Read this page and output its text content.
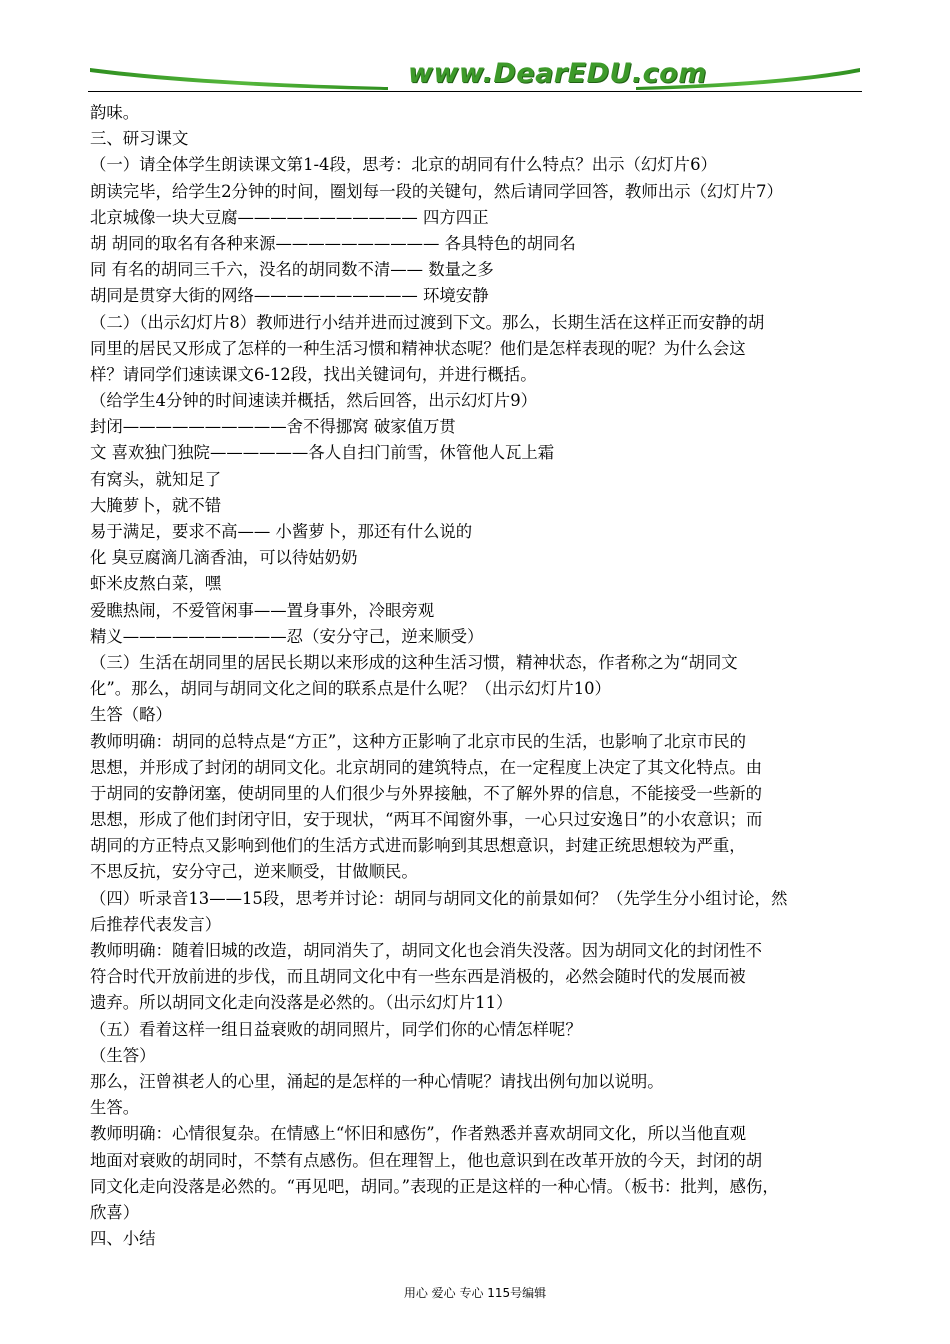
www.DearEDU.com
韵味。
三、研习课文
（一）请全体学生朗读课文第1-4段，思考：北京的胡同有什么特点？出示（幻灯片6）
朗读完毕，给学生2分钟的时间，圈划每一段的关键句，然后请同学回答，教师出示（幻灯片7）
北京城像一块大豆腐——————————— 四方四正
胡 胡同的取名有各种来源—————————— 各具特色的胡同名
同 有名的胡同三千六，没名的胡同数不清—— 数量之多
胡同是贯穿大街的网络—————————— 环境安静
（二）（出示幻灯片8）教师进行小结并进而过渡到下文。那么，长期生活在这样正而安静的胡
同里的居民又形成了怎样的一种生活习惯和精神状态呢？他们是怎样表现的呢？为什么会这
样？请同学们速读课文6-12段，找出关键词句，并进行概括。
（给学生4分钟的时间速读并概括，然后回答，出示幻灯片9）
封闭——————————舍不得挪窝 破家值万贯
文 喜欢独门独院——————各人自扫门前雪，休管他人瓦上霜
有窝头，就知足了
大腌萝卜，就不错
易于满足，要求不高—— 小酱萝卜，那还有什么说的
化 臭豆腐滴几滴香油，可以待姑奶奶
虾米皮熬白菜，嘿
爱瞧热闹，不爱管闲事——置身事外，冷眼旁观
精义——————————忍（安分守己，逆来顺受）
（三）生活在胡同里的居民长期以来形成的这种生活习惯，精神状态，作者称之为“胡同文
化”。那么，胡同与胡同文化之间的联系点是什么呢？（出示幻灯片10）
生答（略）
教师明确：胡同的总特点是“方正”，这种方正影响了北京市民的生活，也影响了北京市民的
思想，并形成了封闭的胡同文化。北京胡同的建筑特点，在一定程度上决定了其文化特点。由
于胡同的安静闭塞，使胡同里的人们很少与外界接触，不了解外界的信息，不能接受一些新的
思想，形成了他们封闭守旧，安于现状，“两耳不闻窗外事，一心只过安逸日”的小农意识；而
胡同的方正特点又影响到他们的生活方式进而影响到其思想意识，封建正统思想较为严重，
不思反抗，安分守己，逆来顺受，甘做顺民。
（四）听录音13——15段，思考并讨论：胡同与胡同文化的前景如何？（先学生分小组讨论，然
后推荐代表发言）
教师明确：随着旧城的改造，胡同消失了，胡同文化也会消失没落。因为胡同文化的封闭性不
符合时代开放前进的步伐，而且胡同文化中有一些东西是消极的，必然会随时代的发展而被
遗弃。所以胡同文化走向没落是必然的。（出示幻灯片11）
（五）看着这样一组日益衰败的胡同照片，同学们你的心情怎样呢？
（生答）
那么，汪曾祺老人的心里，涌起的是怎样的一种心情呢？请找出例句加以说明。
生答。
教师明确：心情很复杂。在情感上“怀旧和感伤”，作者熟悉并喜欢胡同文化，所以当他直观
地面对衰败的胡同时，不禁有点感伤。但在理智上，他也意识到在改革开放的今天，封闭的胡
同文化走向没落是必然的。“再见吧，胡同。”表现的正是这样的一种心情。（板书：批判，感伤，
欣喜）
四、小结
用心 爱心 专心 115号编辑
